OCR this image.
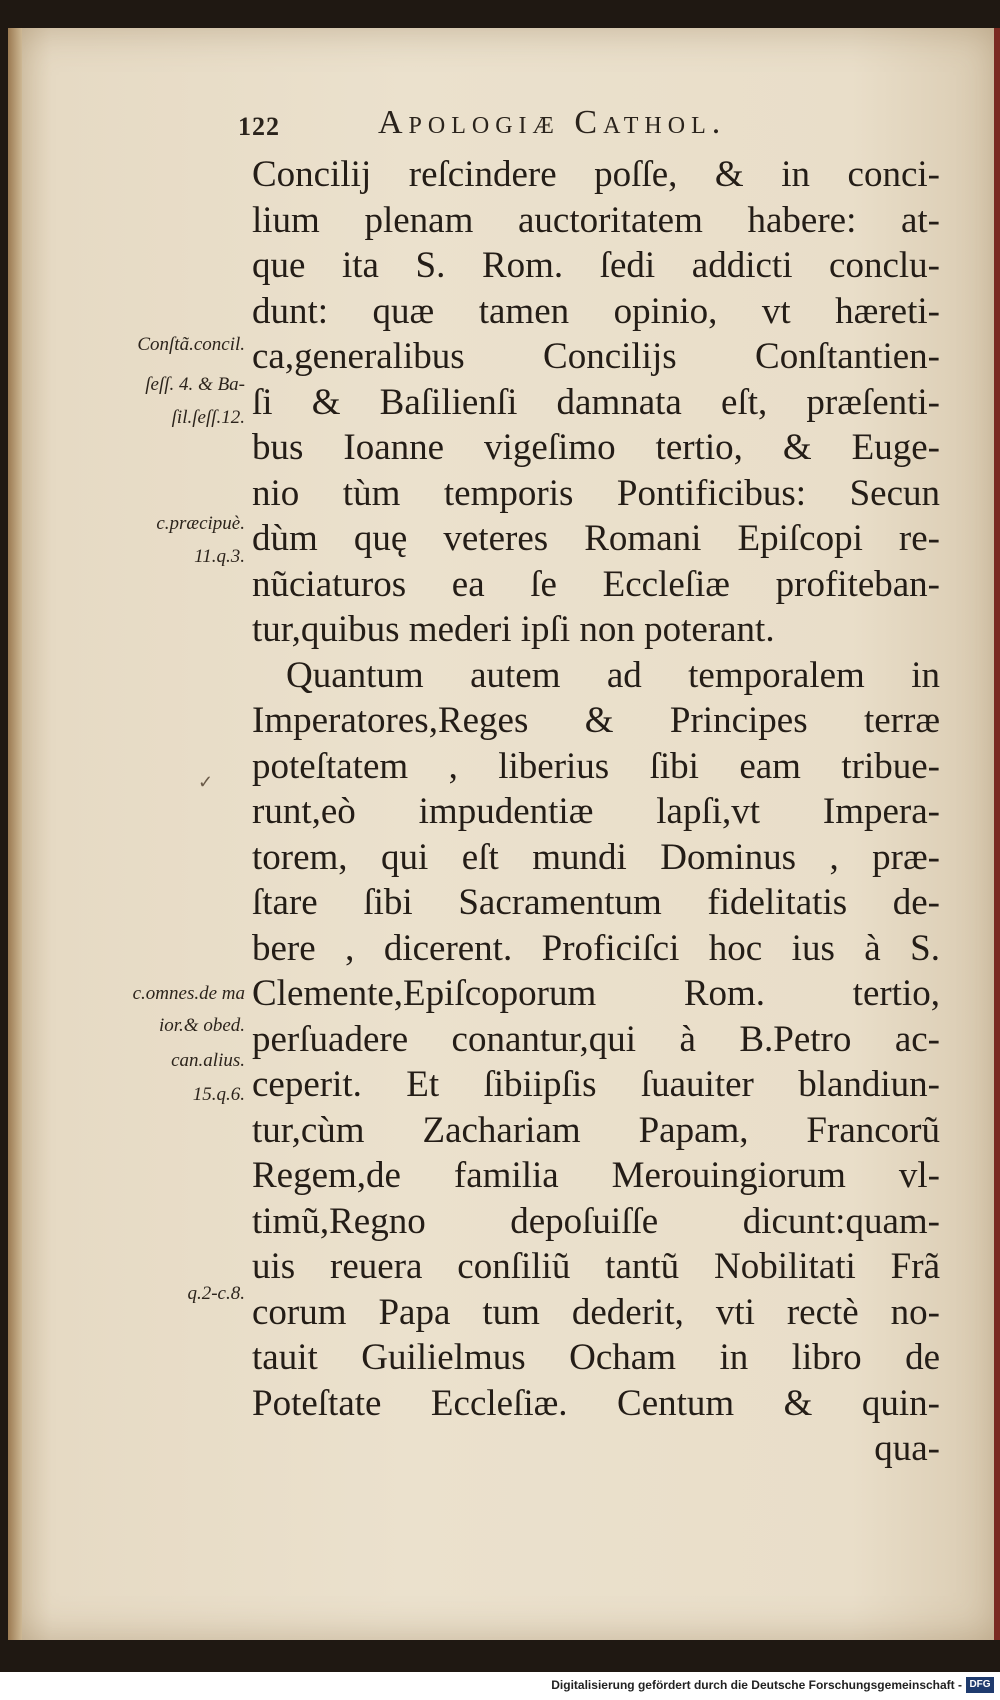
122	Apologiæ Cathol.
Conſtã.concil.
ſeſſ. 4. & Ba-
ſil.ſeſſ.12.
c.præcipuè.
11.q.3.
c.omnes.de ma
ior.& obed.
can.alius.
15.q.6.
q.2-c.8.
✓
Concilij reſcindere poſſe, & in conci-
lium plenam auctoritatem habere: at-
que ita S. Rom. ſedi addicti conclu-
dunt: quæ tamen opinio, vt hæreti-
ca,generalibus Concilijs Conſtantien-
ſi & Baſilienſi damnata eſt, præſenti-
bus Ioanne vigeſimo tertio, & Euge-
nio tùm temporis Pontificibus: Secun
dùm quę veteres Romani Epiſcopi re-
nũciaturos ea ſe Eccleſiæ profiteban-
tur,quibus mederi ipſi non poterant.
Quantum autem ad temporalem in
Imperatores,Reges & Principes terræ
poteſtatem , liberius ſibi eam tribue-
runt,eò impudentiæ lapſi,vt Impera-
torem, qui eſt mundi Dominus , præ-
ſtare ſibi Sacramentum fidelitatis de-
bere , dicerent. Proficiſci hoc ius à S.
Clemente,Epiſcoporum Rom. tertio,
perſuadere conantur,qui à B.Petro ac-
ceperit. Et ſibiipſis ſuauiter blandiun-
tur,cùm Zachariam Papam, Francorũ
Regem,de familia Merouingiorum vl-
timũ,Regno depoſuiſſe dicunt:quam-
uis reuera conſiliũ tantũ Nobilitati Frã
corum Papa tum dederit, vti rectè no-
tauit Guilielmus Ocham in libro de
Poteſtate Eccleſiæ. Centum & quin-
qua-
Digitalisierung gefördert durch die Deutsche Forschungsgemeinschaft - DFG
